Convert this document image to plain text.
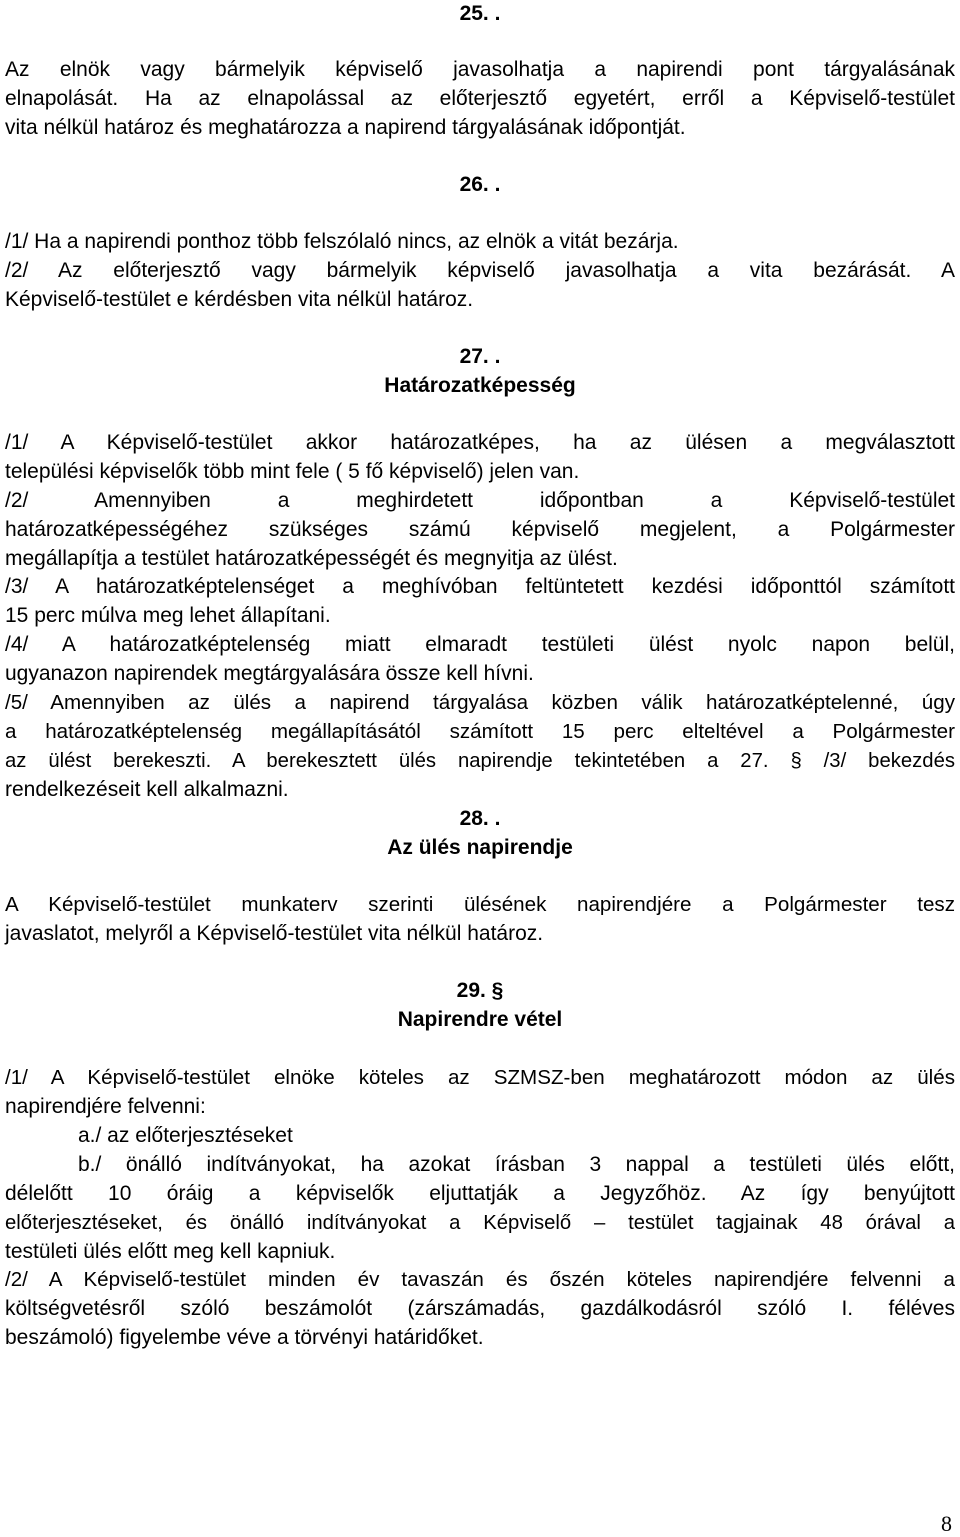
25. .
Az elnök vagy bármelyik képviselő javasolhatja a napirendi pont tárgyalásának
elnapolását. Ha az elnapolással az előterjesztő egyetért, erről a Képviselő-testület
vita nélkül határoz és meghatározza a napirend tárgyalásának időpontját.
26. .
/1/ Ha a napirendi ponthoz több felszólaló nincs, az elnök a vitát bezárja.
/2/ Az előterjesztő vagy bármelyik képviselő javasolhatja a vita bezárását. A
Képviselő-testület e kérdésben vita nélkül határoz.
27. .
Határozatképesség
/1/ A Képviselő-testület akkor határozatképes, ha az ülésen a megválasztott
települési képviselők több mint fele ( 5 fő képviselő) jelen van.
/2/ Amennyiben a meghirdetett időpontban a Képviselő-testület
határozatképességéhez szükséges számú képviselő megjelent, a Polgármester
megállapítja a testület határozatképességét és megnyitja az ülést.
/3/ A határozatképtelenséget a meghívóban feltüntetett kezdési időponttól számított
15 perc múlva meg lehet állapítani.
/4/ A határozatképtelenség miatt elmaradt testületi ülést nyolc napon belül,
ugyanazon napirendek megtárgyalására össze kell hívni.
/5/ Amennyiben az ülés a napirend tárgyalása közben válik határozatképtelenné, úgy
a határozatképtelenség megállapításától számított 15 perc elteltével a Polgármester
az ülést berekeszti. A berekesztett ülés napirendje tekintetében a 27. § /3/ bekezdés
rendelkezéseit kell alkalmazni.
28. .
Az ülés napirendje
A Képviselő-testület munkaterv szerinti ülésének napirendjére a Polgármester tesz
javaslatot, melyről a Képviselő-testület vita nélkül határoz.
29. §
Napirendre vétel
/1/ A Képviselő-testület elnöke köteles az SZMSZ-ben meghatározott módon az ülés
napirendjére felvenni:
a./ az előterjesztéseket
b./ önálló indítványokat, ha azokat írásban 3 nappal a testületi ülés előtt,
délelőtt 10 óráig a képviselők eljuttatják a Jegyzőhöz. Az így benyújtott
előterjesztéseket, és önálló indítványokat a Képviselő – testület tagjainak 48 órával a
testületi ülés előtt meg kell kapniuk.
/2/ A Képviselő-testület minden év tavaszán és őszén köteles napirendjére felvenni a
költségvetésről szóló beszámolót (zárszámadás, gazdálkodásról szóló I. féléves
beszámoló) figyelembe véve a törvényi határidőket.
8
